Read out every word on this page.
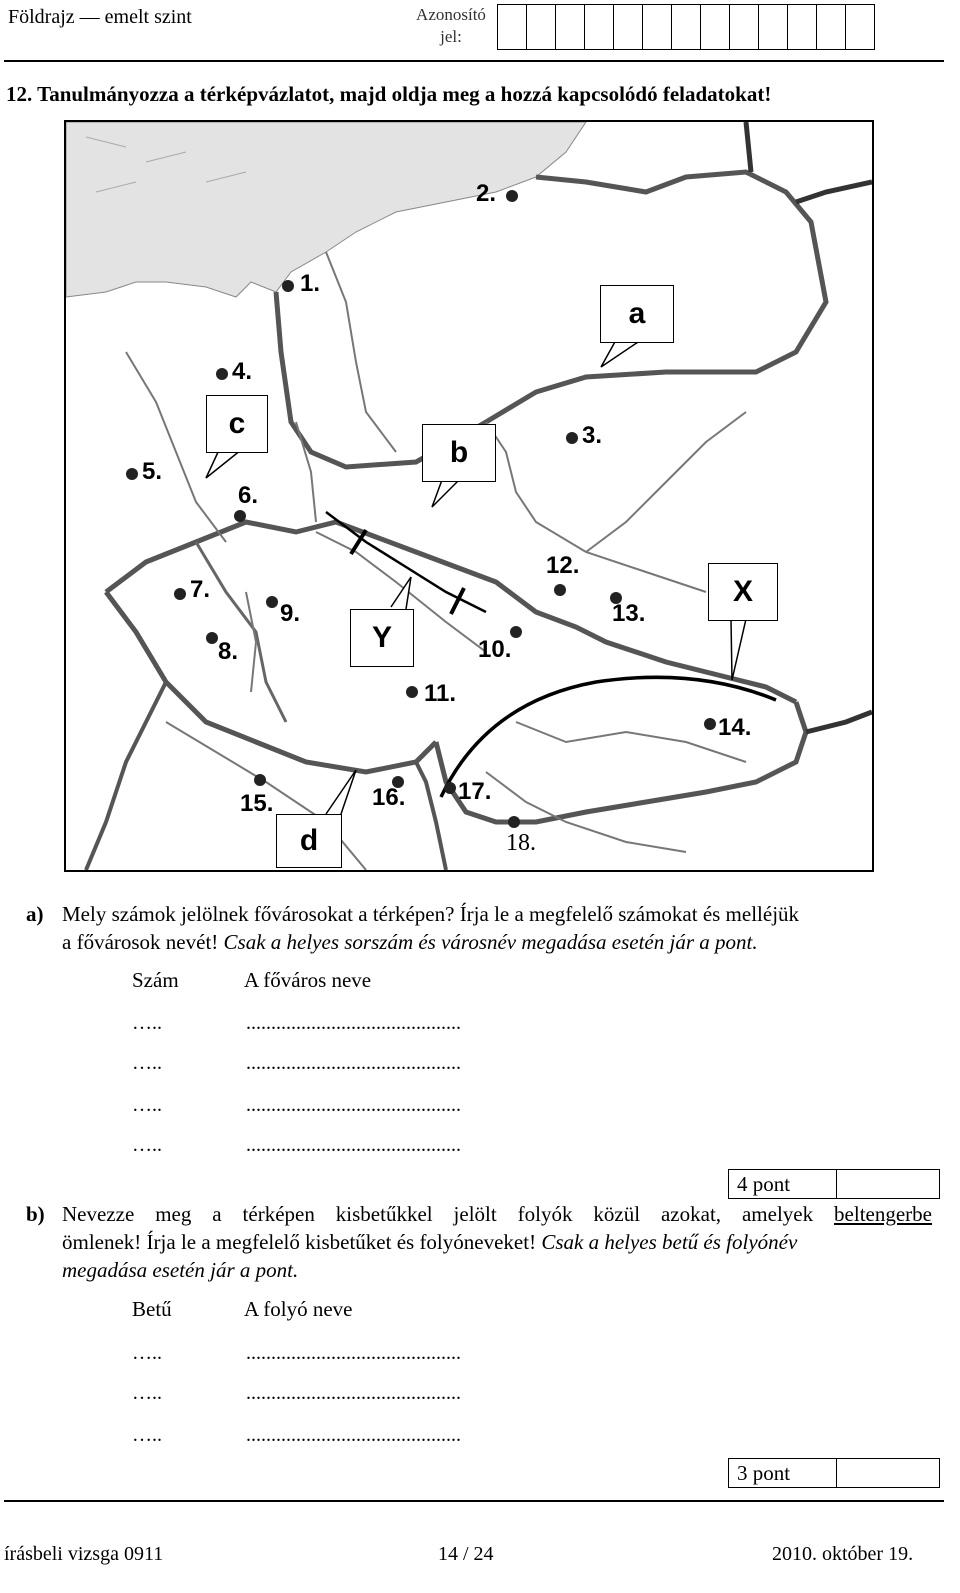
Földrajz — emelt szint	Azonosító
jel:
12. Tanulmányozza a térképvázlatot, majd oldja meg a hozzá kapcsolódó feladatokat!
a
b
c
d
X
Y
1.
2.
3.
4.
5.
6.
7.
8.
9.
10.
11.
12.
13.
14.
15.	16. 17.
18.
a) Mely számok jelölnek fővárosokat a térképen? Írja le a megfelelő számokat és melléjük
a fővárosok nevét! Csak a helyes sorszám és városnév megadása esetén jár a pont.
Szám	A főváros neve
…..	...........................................
…..	...........................................
…..	...........................................
…..	...........................................
4 pont
b) Nevezze meg a térképen kisbetűkkel jelölt folyók közül azokat, amelyek beltengerbe
ömlenek! Írja le a megfelelő kisbetűket és folyóneveket! Csak a helyes betű és folyónév
megadása esetén jár a pont.
Betű	A folyó neve
…..	...........................................
…..	...........................................
…..	...........................................
3 pont
írásbeli vizsga 0911	14 / 24	2010. október 19.
